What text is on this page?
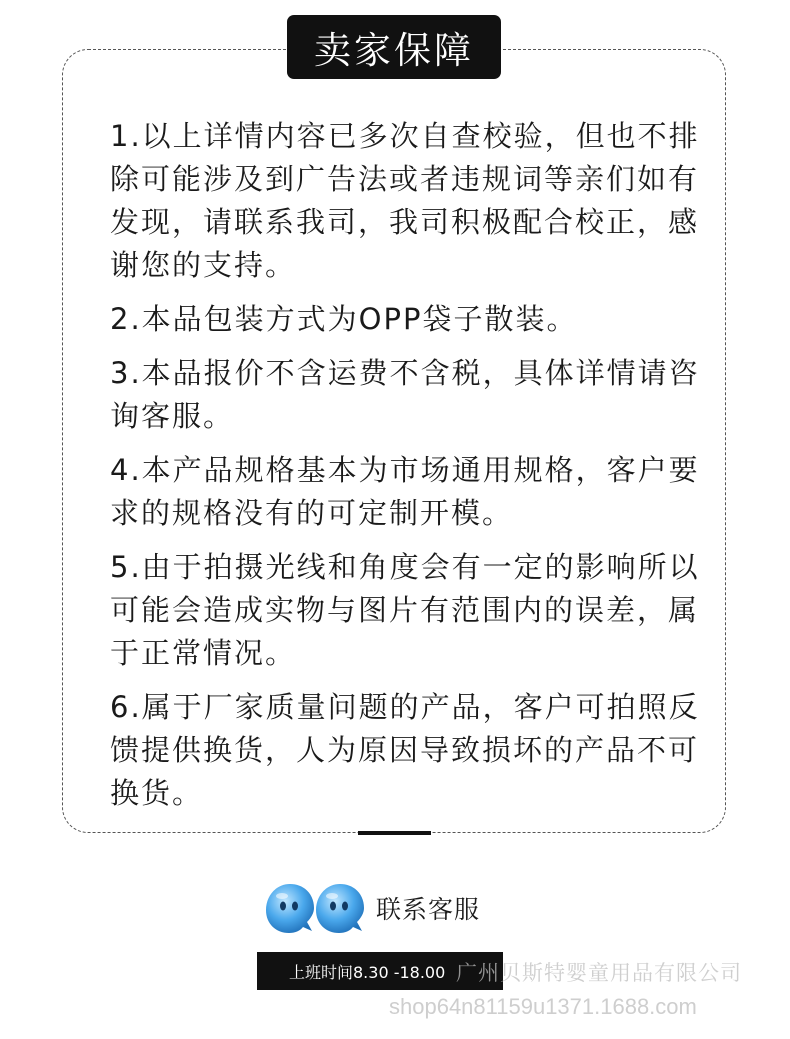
卖家保障

1.以上详情内容已多次自查校验，但也不排除可能涉及到广告法或者违规词等亲们如有发现，请联系我司，我司积极配合校正，感谢您的支持。

2.本品包装方式为OPP袋子散装。

3.本品报价不含运费不含税，具体详情请咨询客服。

4.本产品规格基本为市场通用规格，客户要求的规格没有的可定制开模。

5.由于拍摄光线和角度会有一定的影响所以可能会造成实物与图片有范围内的误差，属于正常情况。

6.属于厂家质量问题的产品，客户可拍照反馈提供换货，人为原因导致损坏的产品不可换货。

联系客服
上班时间8.30 -18.00 广州贝斯特婴童用品有限公司
shop64n81159u1371.1688.com
